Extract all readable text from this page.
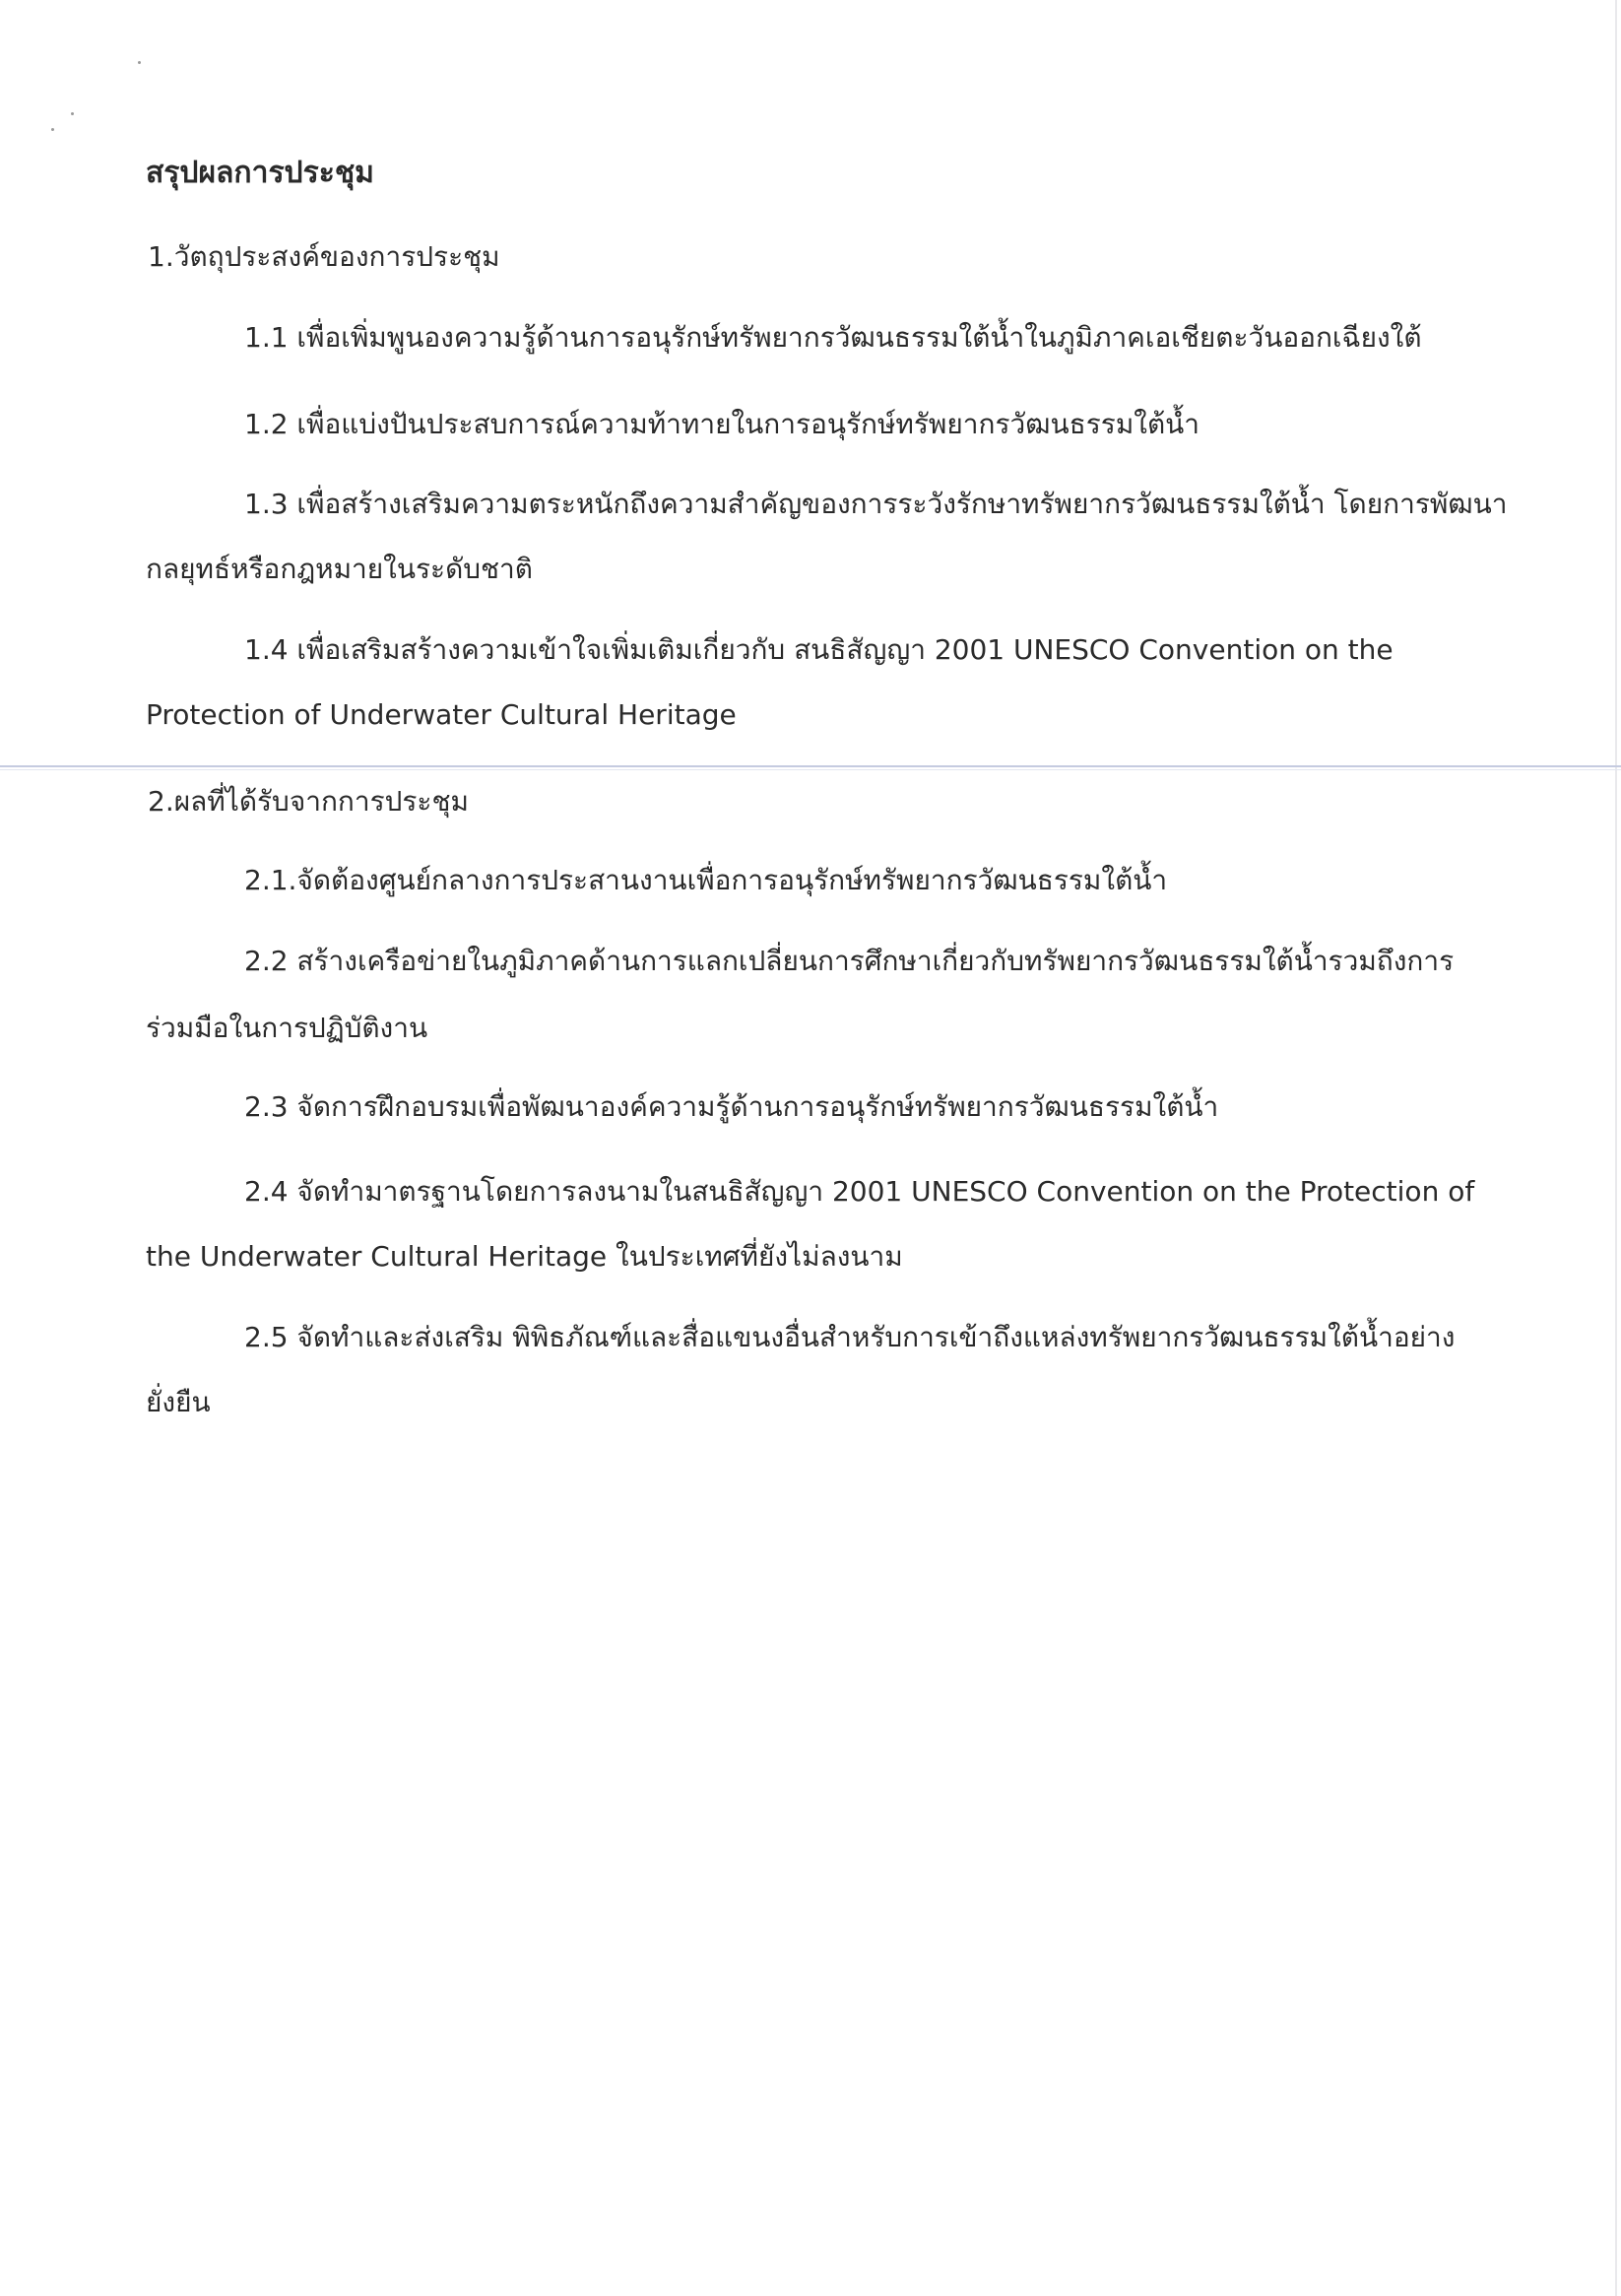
สรุปผลการประชุม
1.วัตถุประสงค์ของการประชุม
1.1 เพื่อเพิ่มพูนองความรู้ด้านการอนุรักษ์ทรัพยากรวัฒนธรรมใต้น้ำในภูมิภาคเอเชียตะวันออกเฉียงใต้
1.2 เพื่อแบ่งปันประสบการณ์ความท้าทายในการอนุรักษ์ทรัพยากรวัฒนธรรมใต้น้ำ
1.3 เพื่อสร้างเสริมความตระหนักถึงความสำคัญของการระวังรักษาทรัพยากรวัฒนธรรมใต้น้ำ โดยการพัฒนา
กลยุทธ์หรือกฎหมายในระดับชาติ
1.4 เพื่อเสริมสร้างความเข้าใจเพิ่มเติมเกี่ยวกับ สนธิสัญญา 2001 UNESCO Convention on the
Protection of Underwater Cultural Heritage
2.ผลที่ได้รับจากการประชุม
2.1.จัดต้องศูนย์กลางการประสานงานเพื่อการอนุรักษ์ทรัพยากรวัฒนธรรมใต้น้ำ
2.2 สร้างเครือข่ายในภูมิภาคด้านการแลกเปลี่ยนการศึกษาเกี่ยวกับทรัพยากรวัฒนธรรมใต้น้ำรวมถึงการ
ร่วมมือในการปฏิบัติงาน
2.3 จัดการฝึกอบรมเพื่อพัฒนาองค์ความรู้ด้านการอนุรักษ์ทรัพยากรวัฒนธรรมใต้น้ำ
2.4 จัดทำมาตรฐานโดยการลงนามในสนธิสัญญา 2001 UNESCO Convention on the Protection of
the Underwater Cultural Heritage ในประเทศที่ยังไม่ลงนาม
2.5 จัดทำและส่งเสริม พิพิธภัณฑ์และสื่อแขนงอื่นสำหรับการเข้าถึงแหล่งทรัพยากรวัฒนธรรมใต้น้ำอย่าง
ยั่งยืน
